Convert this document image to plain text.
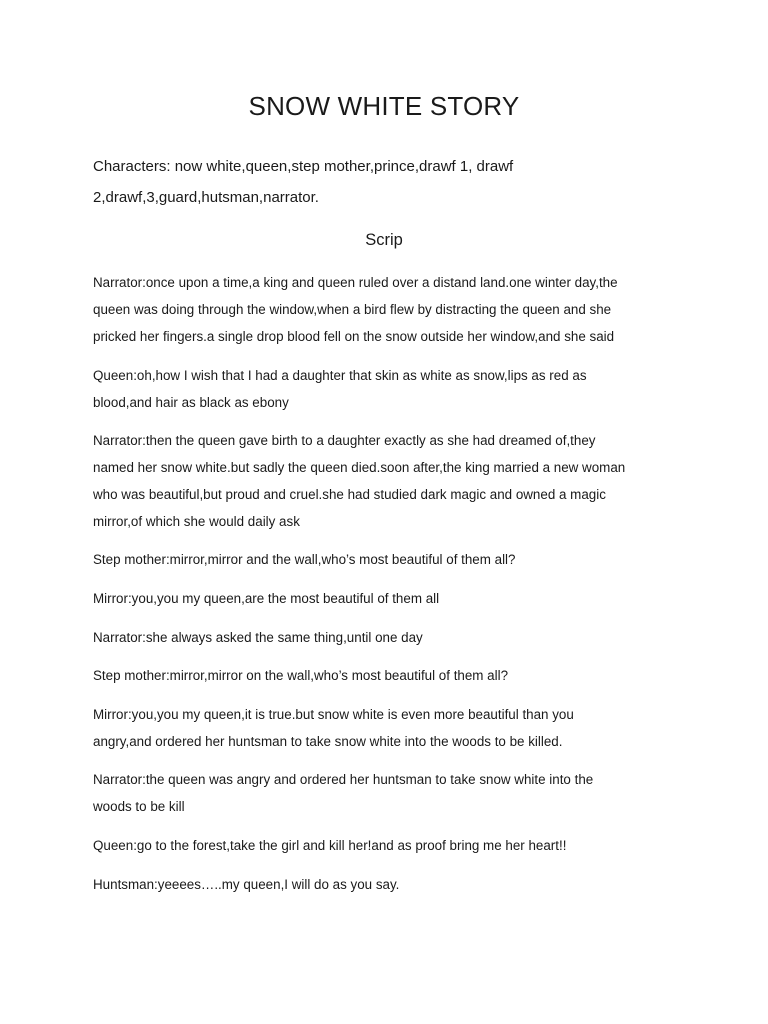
SNOW WHITE STORY
Characters: now white,queen,step mother,prince,drawf 1, drawf
2,drawf,3,guard,hutsman,narrator.
Scrip

Narrator:once upon a time,a king and queen ruled over a distand land.one winter day,the

queen was doing through the window,when a bird flew by distracting the queen and she

pricked her fingers.a single drop blood fell on the snow outside her window,and she said

Queen:oh,how I wish that I had a daughter that skin as white as snow,lips as red as

blood,and hair as black as ebony

Narrator:then the queen gave birth to a daughter exactly as she had dreamed of,they

named her snow white.but sadly the queen died.soon after,the king married a new woman

who was beautiful,but proud and cruel.she had studied dark magic and owned a magic

mirror,of which she would daily ask

Step mother:mirror,mirror and the wall,who’s most beautiful of them all?

Mirror:you,you my queen,are the most beautiful of them all

Narrator:she always asked the same thing,until one day

Step mother:mirror,mirror on the wall,who’s most beautiful of them all?

Mirror:you,you my queen,it is true.but snow white is even more beautiful than you

angry,and ordered her huntsman to take snow white into the woods to be killed.

Narrator:the queen was angry and ordered her huntsman to take snow white into the

woods to be kill

Queen:go to the forest,take the girl and kill her!and as proof bring me her heart!!

Huntsman:yeeees…..my queen,I will do as you say.
